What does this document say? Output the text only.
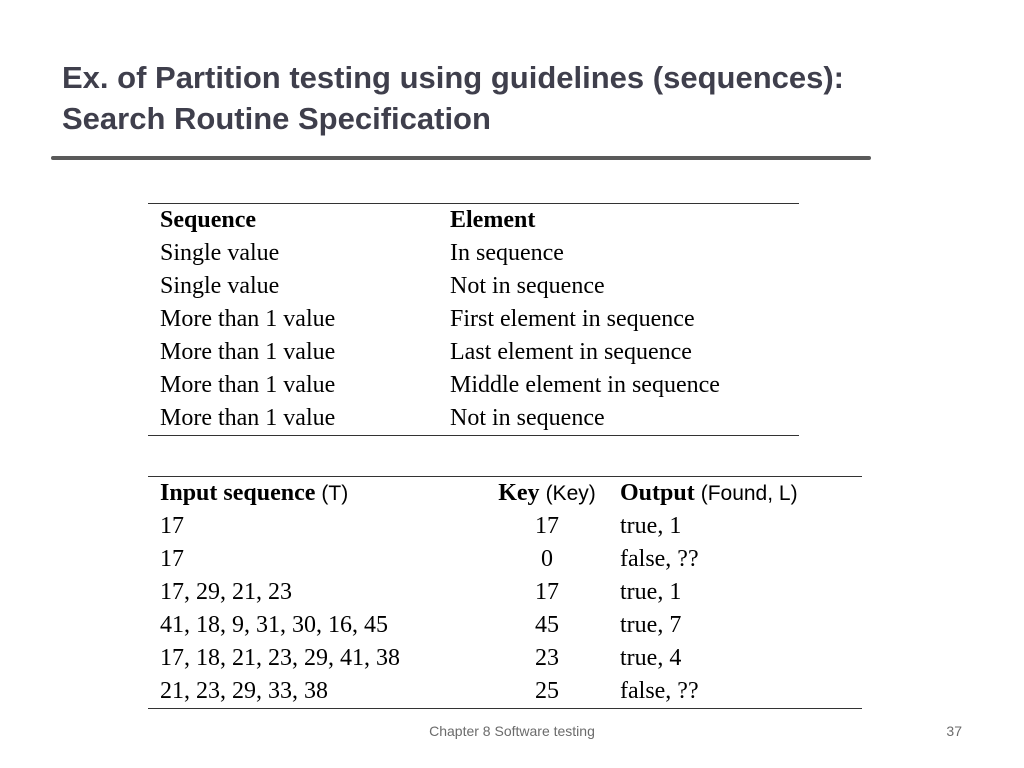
Ex. of Partition testing using guidelines (sequences):
Search Routine Specification
Sequence	Element
Single value	In sequence
Single value	Not in sequence
More than 1 value	First element in sequence
More than 1 value	Last element in sequence
More than 1 value	Middle element in sequence
More than 1 value	Not in sequence
Input sequence (T)	Key (Key)	Output (Found, L)
17	17	true, 1
17	0	false, ??
17, 29, 21, 23	17	true, 1
41, 18, 9, 31, 30, 16, 45	45	true, 7
17, 18, 21, 23, 29, 41, 38	23	true, 4
21, 23, 29, 33, 38	25	false, ??
Chapter 8 Software testing	37
